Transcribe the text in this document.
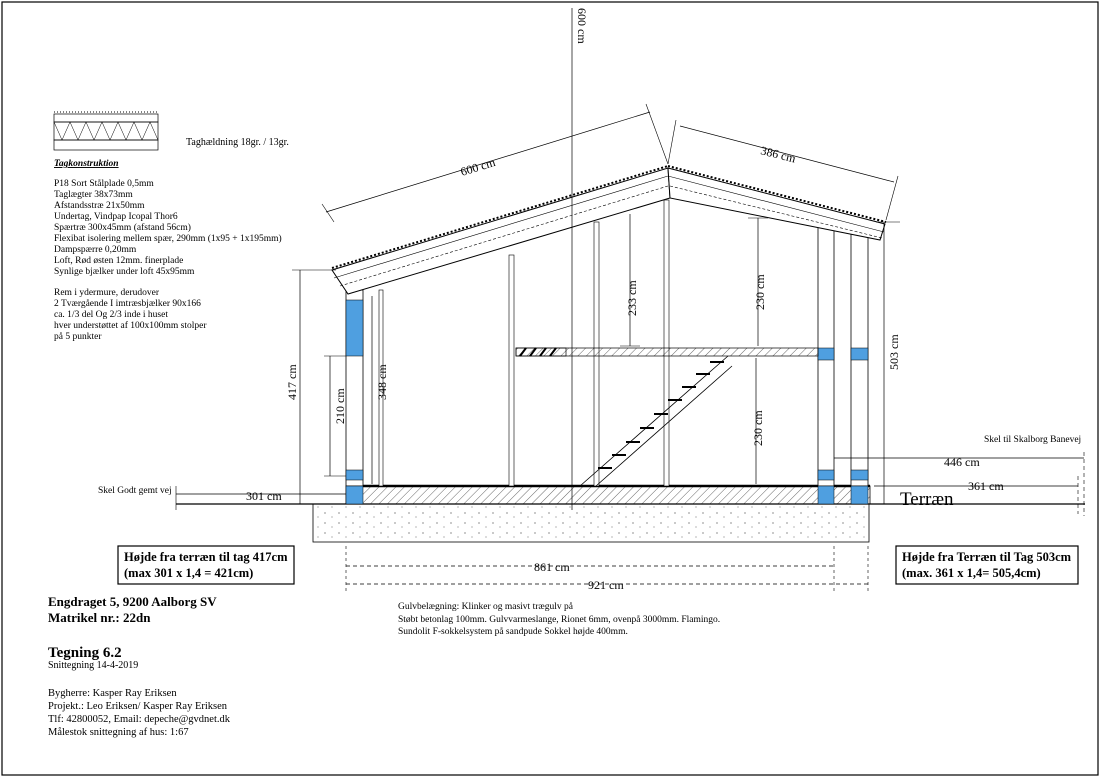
Taghældning 18gr. / 13gr.
Tagkonstruktion
P18 Sort Stålplade 0,5mm
Taglægter 38x73mm
Afstandsstræ 21x50mm
Undertag, Vindpap Icopal Thor6
Spærtræ 300x45mm (afstand 56cm)
Flexibat isolering mellem spær, 290mm (1x95 + 1x195mm)
Dampspærre 0,20mm
Loft, Rød østen 12mm. finerplade
Synlige bjælker under loft 45x95mm
Rem i ydermure, derudover
2 Tværgående I imtræsbjælker 90x166
ca. 1/3 del Og 2/3 inde i huset
hver understøttet af 100x100mm stolper
på 5 punkter
600 cm
600 cm
386 cm
417 cm
210 cm
348 cm
233 cm	230 cm
230 cm
503 cm
301 cm
Skel Godt gemt vej
446 cm
Skel til Skalborg Banevej
361 cm
Terræn
861 cm
921 cm
Højde fra terræn til tag 417cm
(max 301 x 1,4 = 421cm)
Højde fra Terræn til Tag 503cm
(max. 361 x 1,4= 505,4cm)
Engdraget 5, 9200 Aalborg SV
Matrikel nr.: 22dn
Gulvbelægning: Klinker og masivt trægulv på
Støbt betonlag 100mm. Gulvvarmeslange, Rionet 6mm, ovenpå 3000mm. Flamingo.
Sundolit F-sokkelsystem på sandpude Sokkel højde 400mm.
Tegning 6.2
Snittegning 14-4-2019
Bygherre: Kasper Ray Eriksen
Projekt.: Leo Eriksen/ Kasper Ray Eriksen
Tlf: 42800052, Email: depeche@gvdnet.dk
Målestok snittegning af hus: 1:67
